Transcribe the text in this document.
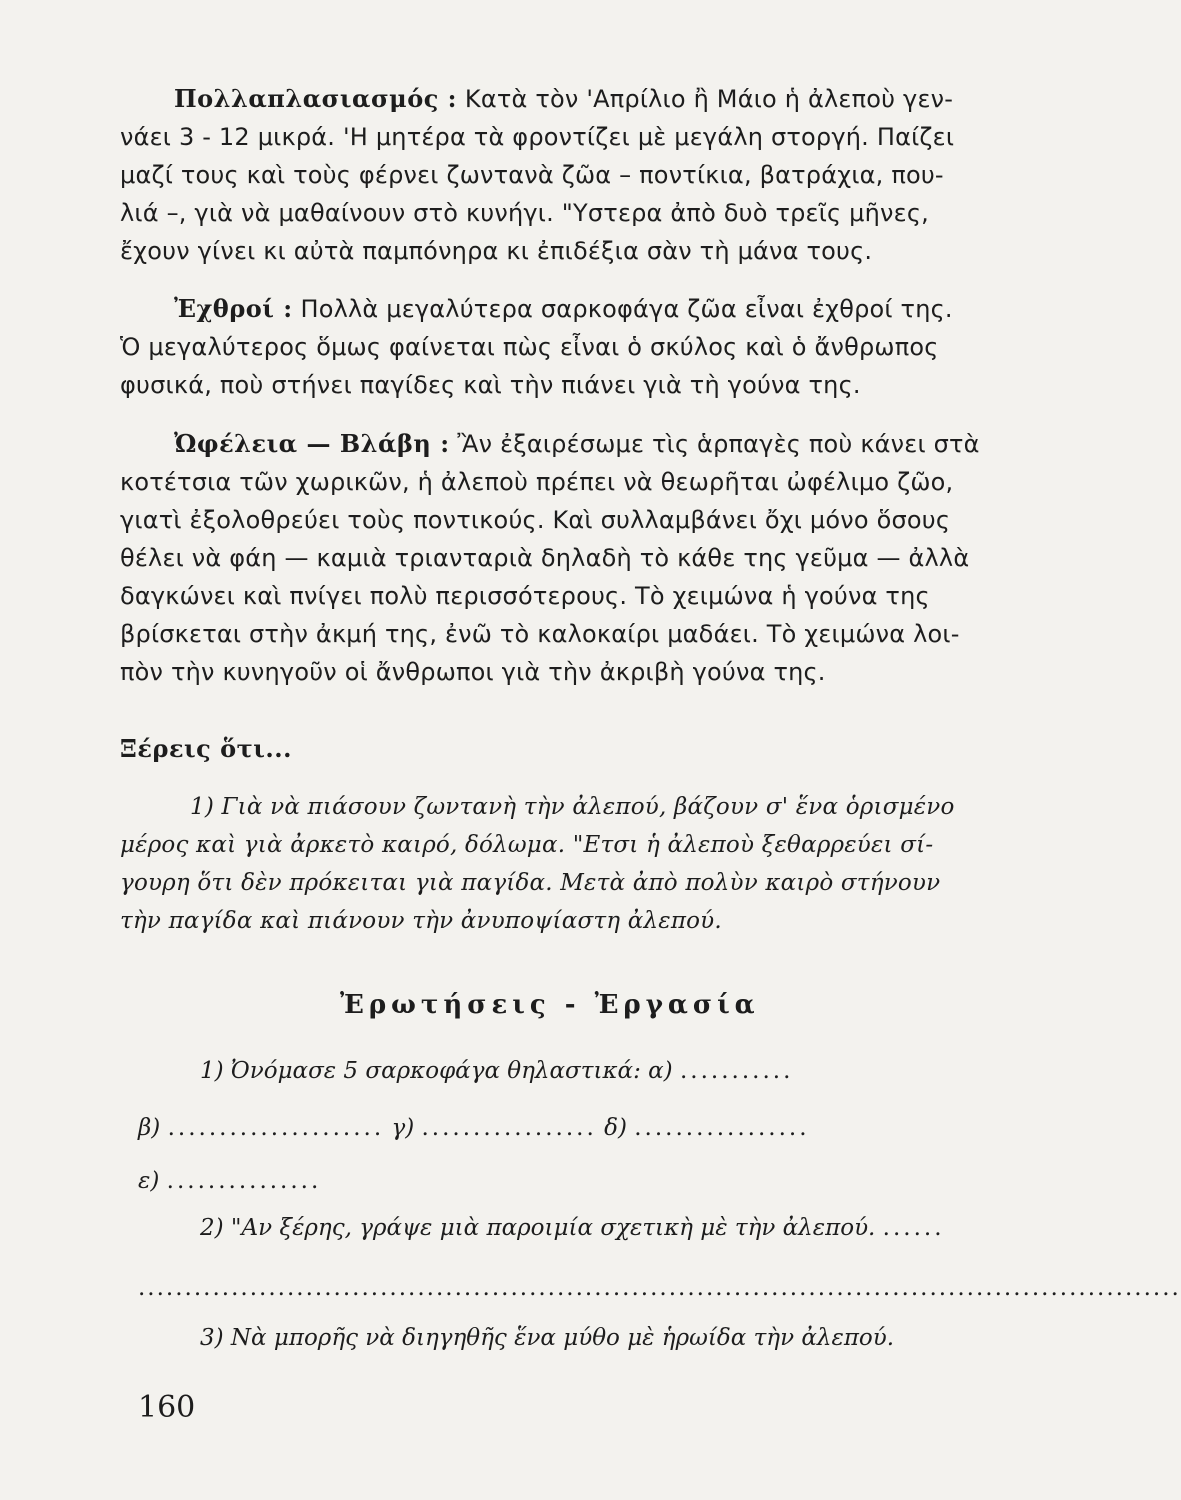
Πολλαπλασιασμός : Κατὰ τὸν 'Απρίλιο ἢ Μάιο ἡ ἀλεποὺ γεν-
νάει 3 - 12 μικρά. 'Η μητέρα τὰ φροντίζει μὲ μεγάλη στοργή. Παίζει
μαζί τους καὶ τοὺς φέρνει ζωντανὰ ζῶα – ποντίκια, βατράχια, που-
λιά –, γιὰ νὰ μαθαίνουν στὸ κυνήγι. "Υστερα ἀπὸ δυὸ τρεῖς μῆνες,
ἔχουν γίνει κι αὐτὰ παμπόνηρα κι ἐπιδέξια σὰν τὴ μάνα τους.
Ἐχθροί : Πολλὰ μεγαλύτερα σαρκοφάγα ζῶα εἶναι ἐχθροί της.
Ὁ μεγαλύτερος ὅμως φαίνεται πὼς εἶναι ὁ σκύλος καὶ ὁ ἄνθρωπος
φυσικά, ποὺ στήνει παγίδες καὶ τὴν πιάνει γιὰ τὴ γούνα της.
Ὠφέλεια — Βλάβη : Ἂν ἐξαιρέσωμε τὶς ἁρπαγὲς ποὺ κάνει στὰ
κοτέτσια τῶν χωρικῶν, ἡ ἀλεποὺ πρέπει νὰ θεωρῆται ὠφέλιμο ζῶο,
γιατὶ ἐξολοθρεύει τοὺς ποντικούς. Καὶ συλλαμβάνει ὄχι μόνο ὅσους
θέλει νὰ φάη — καμιὰ τριανταριὰ δηλαδὴ τὸ κάθε της γεῦμα — ἀλλὰ
δαγκώνει καὶ πνίγει πολὺ περισσότερους. Τὸ χειμώνα ἡ γούνα της
βρίσκεται στὴν ἀκμή της, ἐνῶ τὸ καλοκαίρι μαδάει. Τὸ χειμώνα λοι-
πὸν τὴν κυνηγοῦν οἱ ἄνθρωποι γιὰ τὴν ἀκριβὴ γούνα της.
Ξέρεις ὅτι...
1) Γιὰ νὰ πιάσουν ζωντανὴ τὴν ἀλεπού, βάζουν σ' ἕνα ὁρισμένο
μέρος καὶ γιὰ ἀρκετὸ καιρό, δόλωμα. "Ετσι ἡ ἀλεποὺ ξεθαρρεύει σί-
γουρη ὅτι δὲν πρόκειται γιὰ παγίδα. Μετὰ ἀπὸ πολὺν καιρὸ στήνουν
τὴν παγίδα καὶ πιάνουν τὴν ἀνυποψίαστη ἀλεπού.
Ἐρωτήσεις - Ἐργασία
1) Ὀνόμασε 5 σαρκοφάγα θηλαστικά: α) ...........
β) ..................... γ) ................. δ) .................
ε) ...............
2) "Αν ξέρης, γράψε μιὰ παροιμία σχετικὴ μὲ τὴν ἀλεπού. ......
................................................................................................................
3) Νὰ μπορῆς νὰ διηγηθῆς ἕνα μύθο μὲ ἡρωίδα τὴν ἀλεπού.
160
